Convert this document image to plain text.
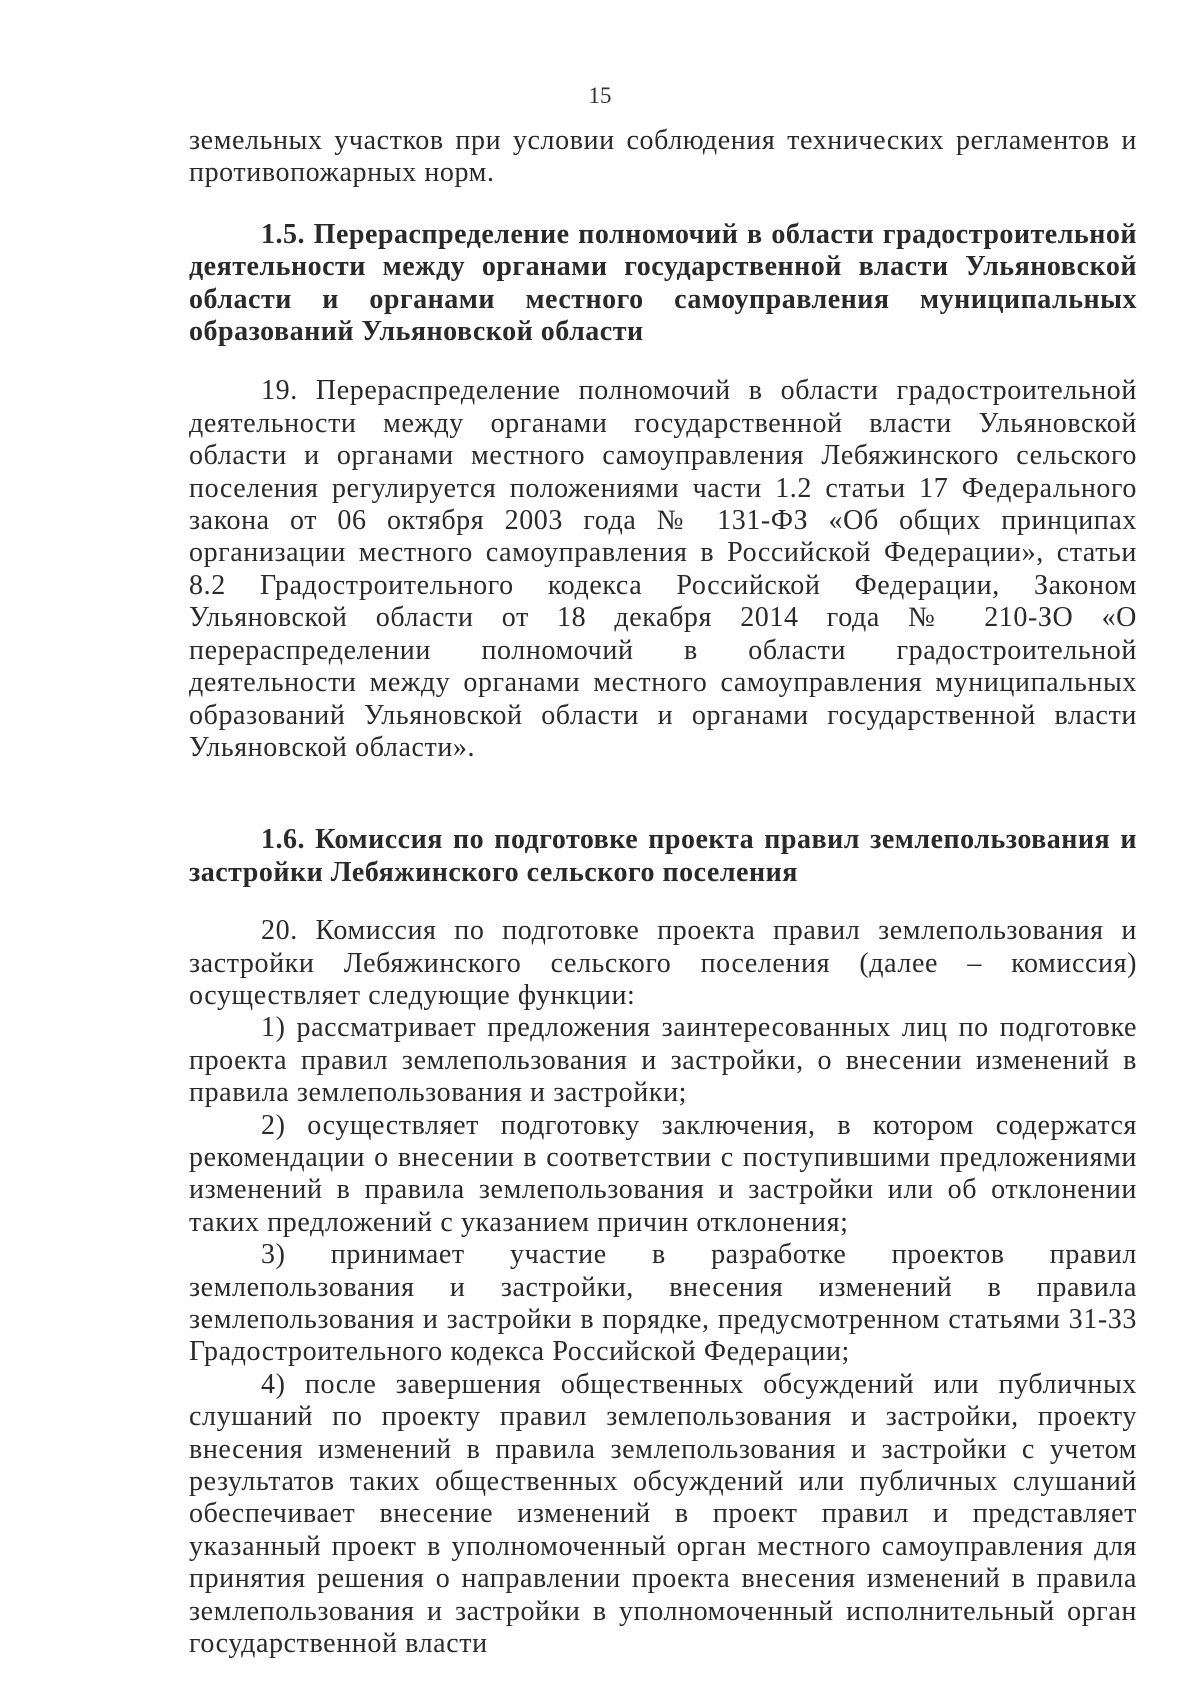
15

земельных участков при условии соблюдения технических регламентов и противопожарных норм.

1.5. Перераспределение полномочий в области градостроительной деятельности между органами государственной власти Ульяновской области и органами местного самоуправления муниципальных образований Ульяновской области

19. Перераспределение полномочий в области градостроительной деятельности между органами государственной власти Ульяновской области и органами местного самоуправления Лебяжинского сельского поселения регулируется положениями части 1.2 статьи 17 Федерального закона от 06 октября 2003 года № 131-ФЗ «Об общих принципах организации местного самоуправления в Российской Федерации», статьи 8.2 Градостроительного кодекса Российской Федерации, Законом Ульяновской области от 18 декабря 2014 года № 210-ЗО «О перераспределении полномочий в области градостроительной деятельности между органами местного самоуправления муниципальных образований Ульяновской области и органами государственной власти Ульяновской области».

1.6. Комиссия по подготовке проекта правил землепользования и застройки Лебяжинского сельского поселения

20. Комиссия по подготовке проекта правил землепользования и застройки Лебяжинского сельского поселения (далее – комиссия) осуществляет следующие функции:

1) рассматривает предложения заинтересованных лиц по подготовке проекта правил землепользования и застройки, о внесении изменений в правила землепользования и застройки;

2) осуществляет подготовку заключения, в котором содержатся рекомендации о внесении в соответствии с поступившими предложениями изменений в правила землепользования и застройки или об отклонении таких предложений с указанием причин отклонения;

3) принимает участие в разработке проектов правил землепользования и застройки, внесения изменений в правила землепользования и застройки в порядке, предусмотренном статьями 31-33 Градостроительного кодекса Российской Федерации;

4) после завершения общественных обсуждений или публичных слушаний по проекту правил землепользования и застройки, проекту внесения изменений в правила землепользования и застройки с учетом результатов таких общественных обсуждений или публичных слушаний обеспечивает внесение изменений в проект правил и представляет указанный проект в уполномоченный орган местного самоуправления для принятия решения о направлении проекта внесения изменений в правила землепользования и застройки в уполномоченный исполнительный орган государственной власти
